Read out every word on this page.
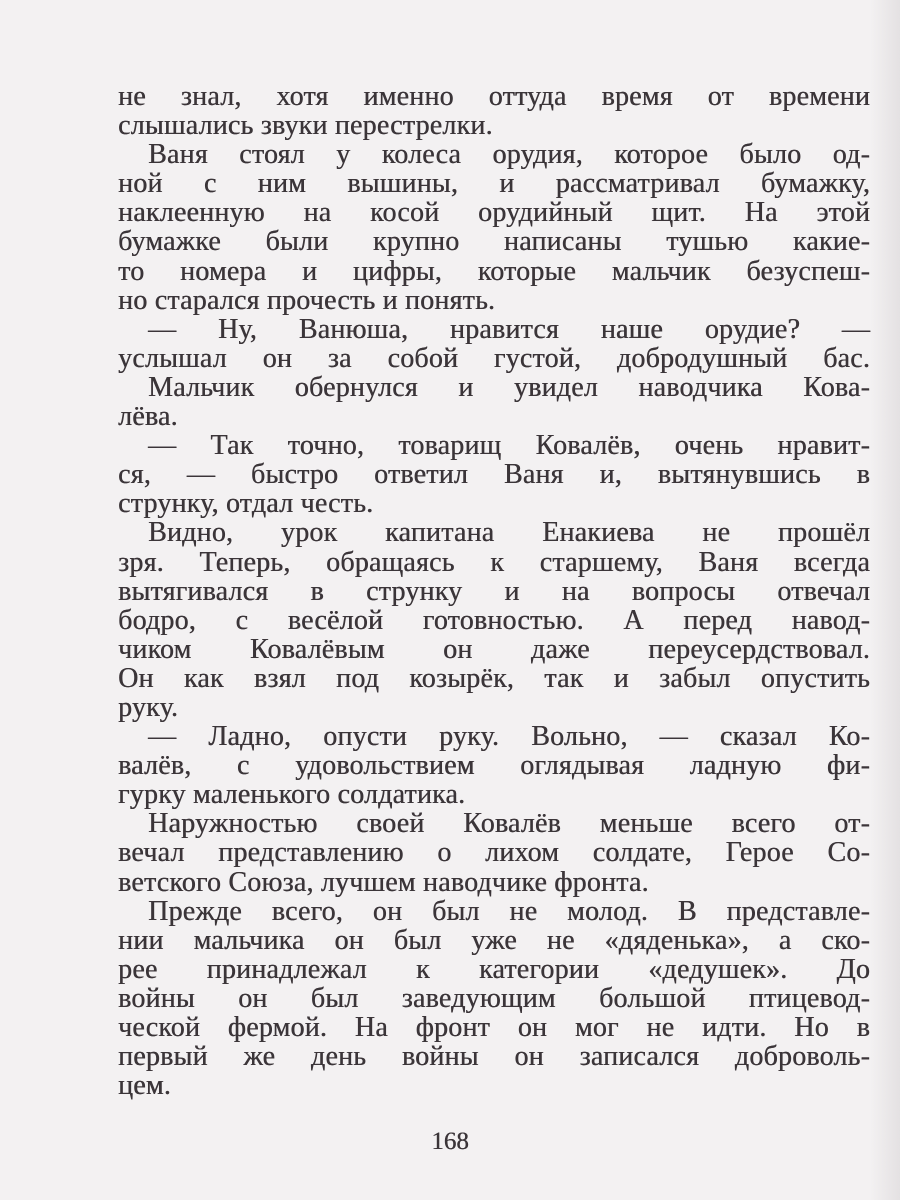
не знал, хотя именно оттуда время от времени
слышались звуки перестрелки.
Ваня стоял у колеса орудия, которое было од-
ной с ним вышины, и рассматривал бумажку,
наклеенную на косой орудийный щит. На этой
бумажке были крупно написаны тушью какие-
то номера и цифры, которые мальчик безуспеш-
но старался прочесть и понять.
— Ну, Ванюша, нравится наше орудие? —
услышал он за собой густой, добродушный бас.
Мальчик обернулся и увидел наводчика Кова-
лёва.
— Так точно, товарищ Ковалёв, очень нравит-
ся, — быстро ответил Ваня и, вытянувшись в
струнку, отдал честь.
Видно, урок капитана Енакиева не прошёл
зря. Теперь, обращаясь к старшему, Ваня всегда
вытягивался в струнку и на вопросы отвечал
бодро, с весёлой готовностью. А перед навод-
чиком Ковалёвым он даже переусердствовал.
Он как взял под козырёк, так и забыл опустить
руку.
— Ладно, опусти руку. Вольно, — сказал Ко-
валёв, с удовольствием оглядывая ладную фи-
гурку маленького солдатика.
Наружностью своей Ковалёв меньше всего от-
вечал представлению о лихом солдате, Герое Со-
ветского Союза, лучшем наводчике фронта.
Прежде всего, он был не молод. В представле-
нии мальчика он был уже не «дяденька», а ско-
рее принадлежал к категории «дедушек». До
войны он был заведующим большой птицевод-
ческой фермой. На фронт он мог не идти. Но в
первый же день войны он записался доброволь-
цем.
168
